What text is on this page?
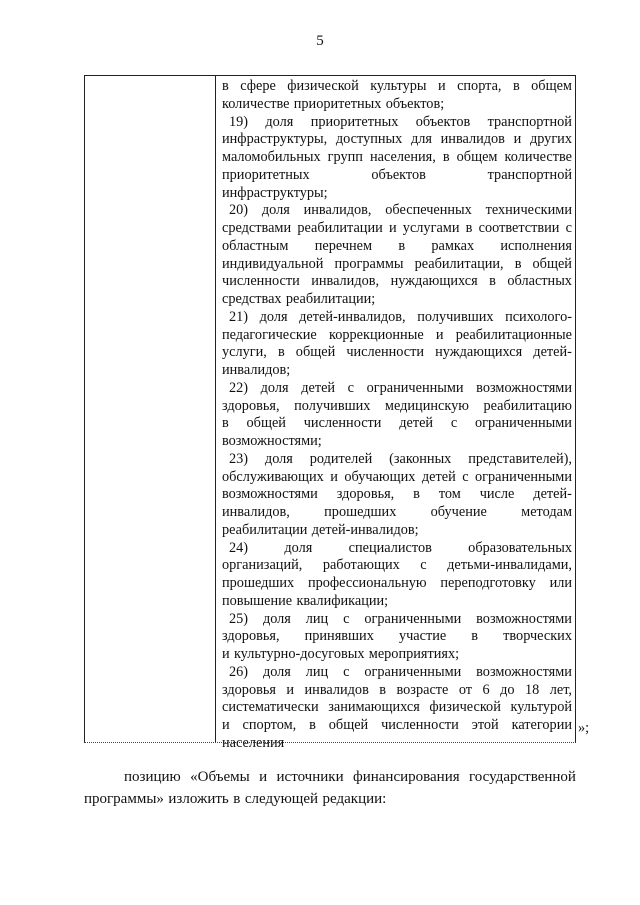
5
в сфере физической культуры и спорта, в общем
количестве приоритетных объектов;
19) доля приоритетных объектов транспортной
инфраструктуры, доступных для инвалидов и других
маломобильных групп населения, в общем количестве
приоритетных	объектов	транспортной
инфраструктуры;
20) доля инвалидов, обеспеченных техническими
средствами реабилитации и услугами в соответствии с
областным перечнем в рамках исполнения
индивидуальной программы реабилитации, в общей
численности инвалидов, нуждающихся в областных
средствах реабилитации;
21) доля детей-инвалидов, получивших психолого-
педагогические коррекционные и реабилитационные
услуги, в общей численности нуждающихся детей-
инвалидов;
22) доля детей с ограниченными возможностями
здоровья, получивших медицинскую реабилитацию
в общей численности детей с ограниченными
возможностями;
23) доля родителей (законных представителей),
обслуживающих и обучающих детей с ограниченными
возможностями здоровья, в том числе детей-
инвалидов, прошедших обучение методам
реабилитации детей-инвалидов;
24)	доля	специалистов	образовательных
организаций, работающих с детьми-инвалидами,
прошедших профессиональную переподготовку или
повышение квалификации;
25) доля лиц с ограниченными возможностями
здоровья, принявших участие в творческих
и культурно-досуговых мероприятиях;
26) доля лиц с ограниченными возможностями
здоровья и инвалидов в возрасте от 6 до 18 лет,
систематически занимающихся физической культурой
и спортом, в общей численности этой категории
населения
»;
позицию «Объемы и источники финансирования государственной
программы» изложить в следующей редакции:
